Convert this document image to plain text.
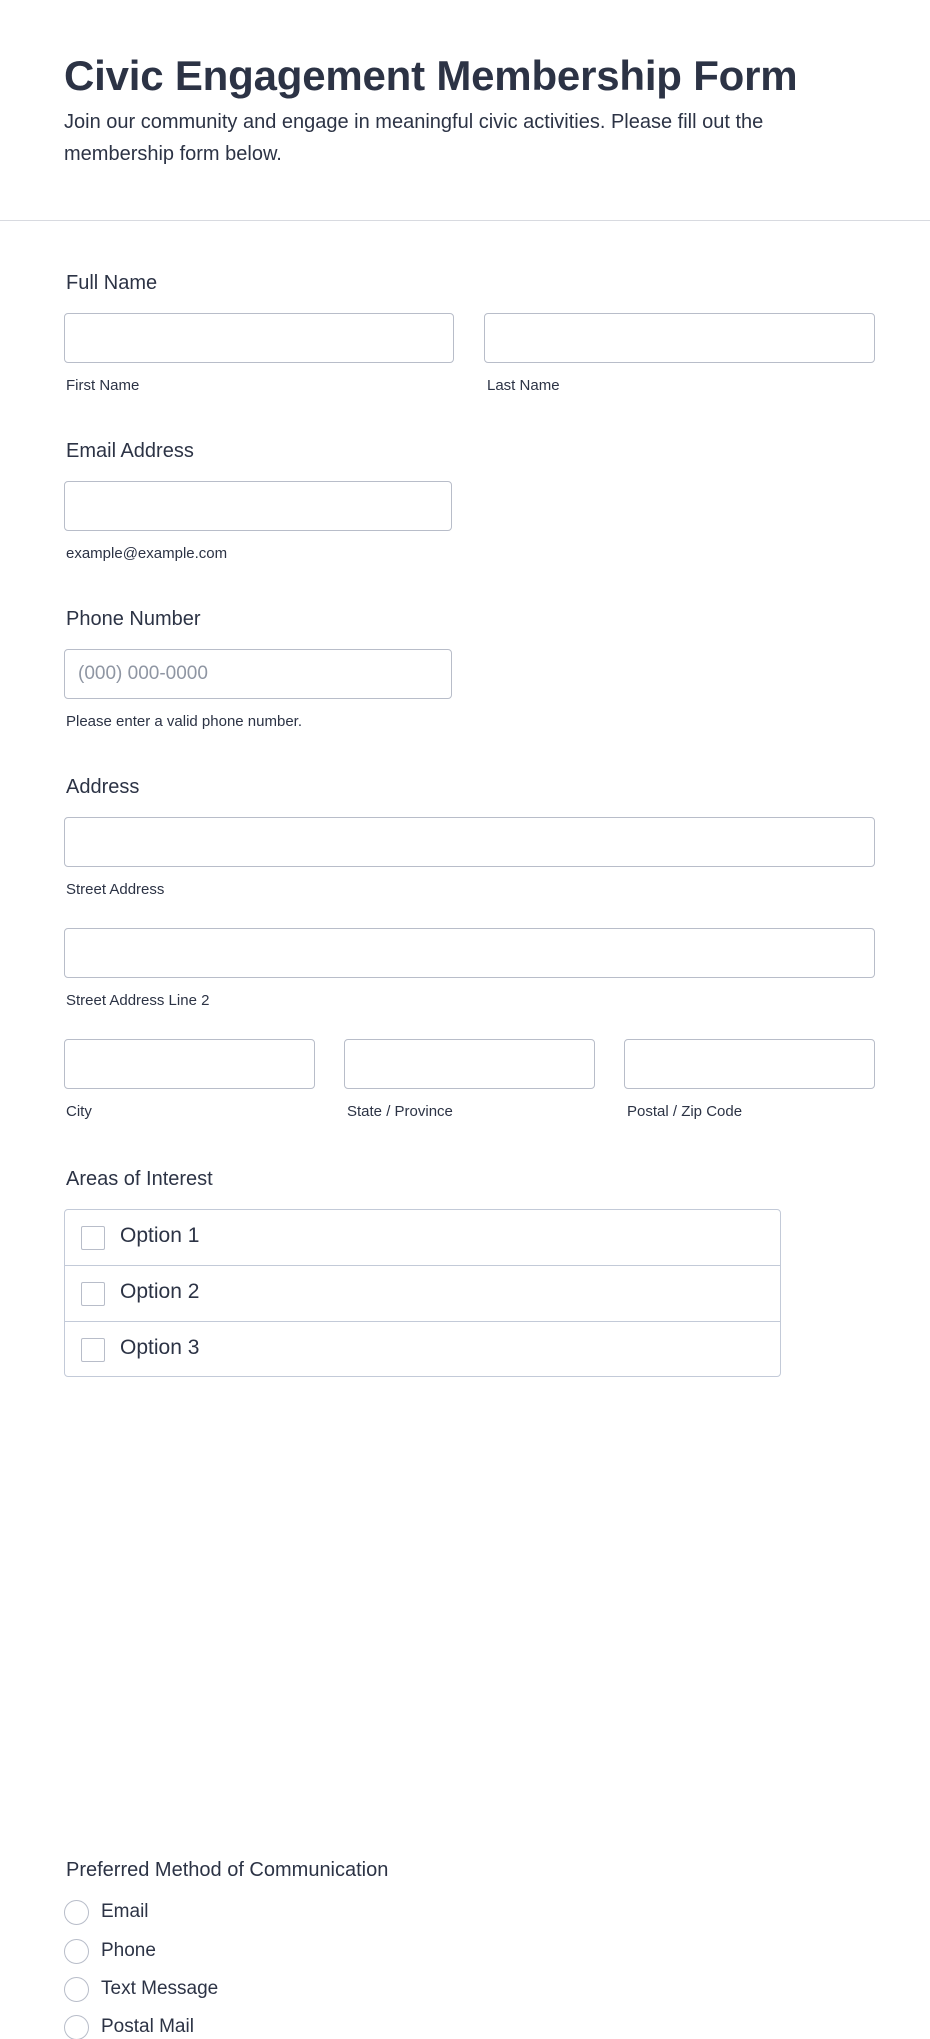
Civic Engagement Membership Form

Join our community and engage in meaningful civic activities. Please fill out the membership form below.

Full Name
First Name	Last Name
Email Address
example@example.com
Phone Number
(000) 000-0000
Please enter a valid phone number.
Address
Street Address
Street Address Line 2
City	State / Province	Postal / Zip Code
Areas of Interest
Option 1
Option 2
Option 3
Preferred Method of Communication
Email
Phone
Text Message
Postal Mail
